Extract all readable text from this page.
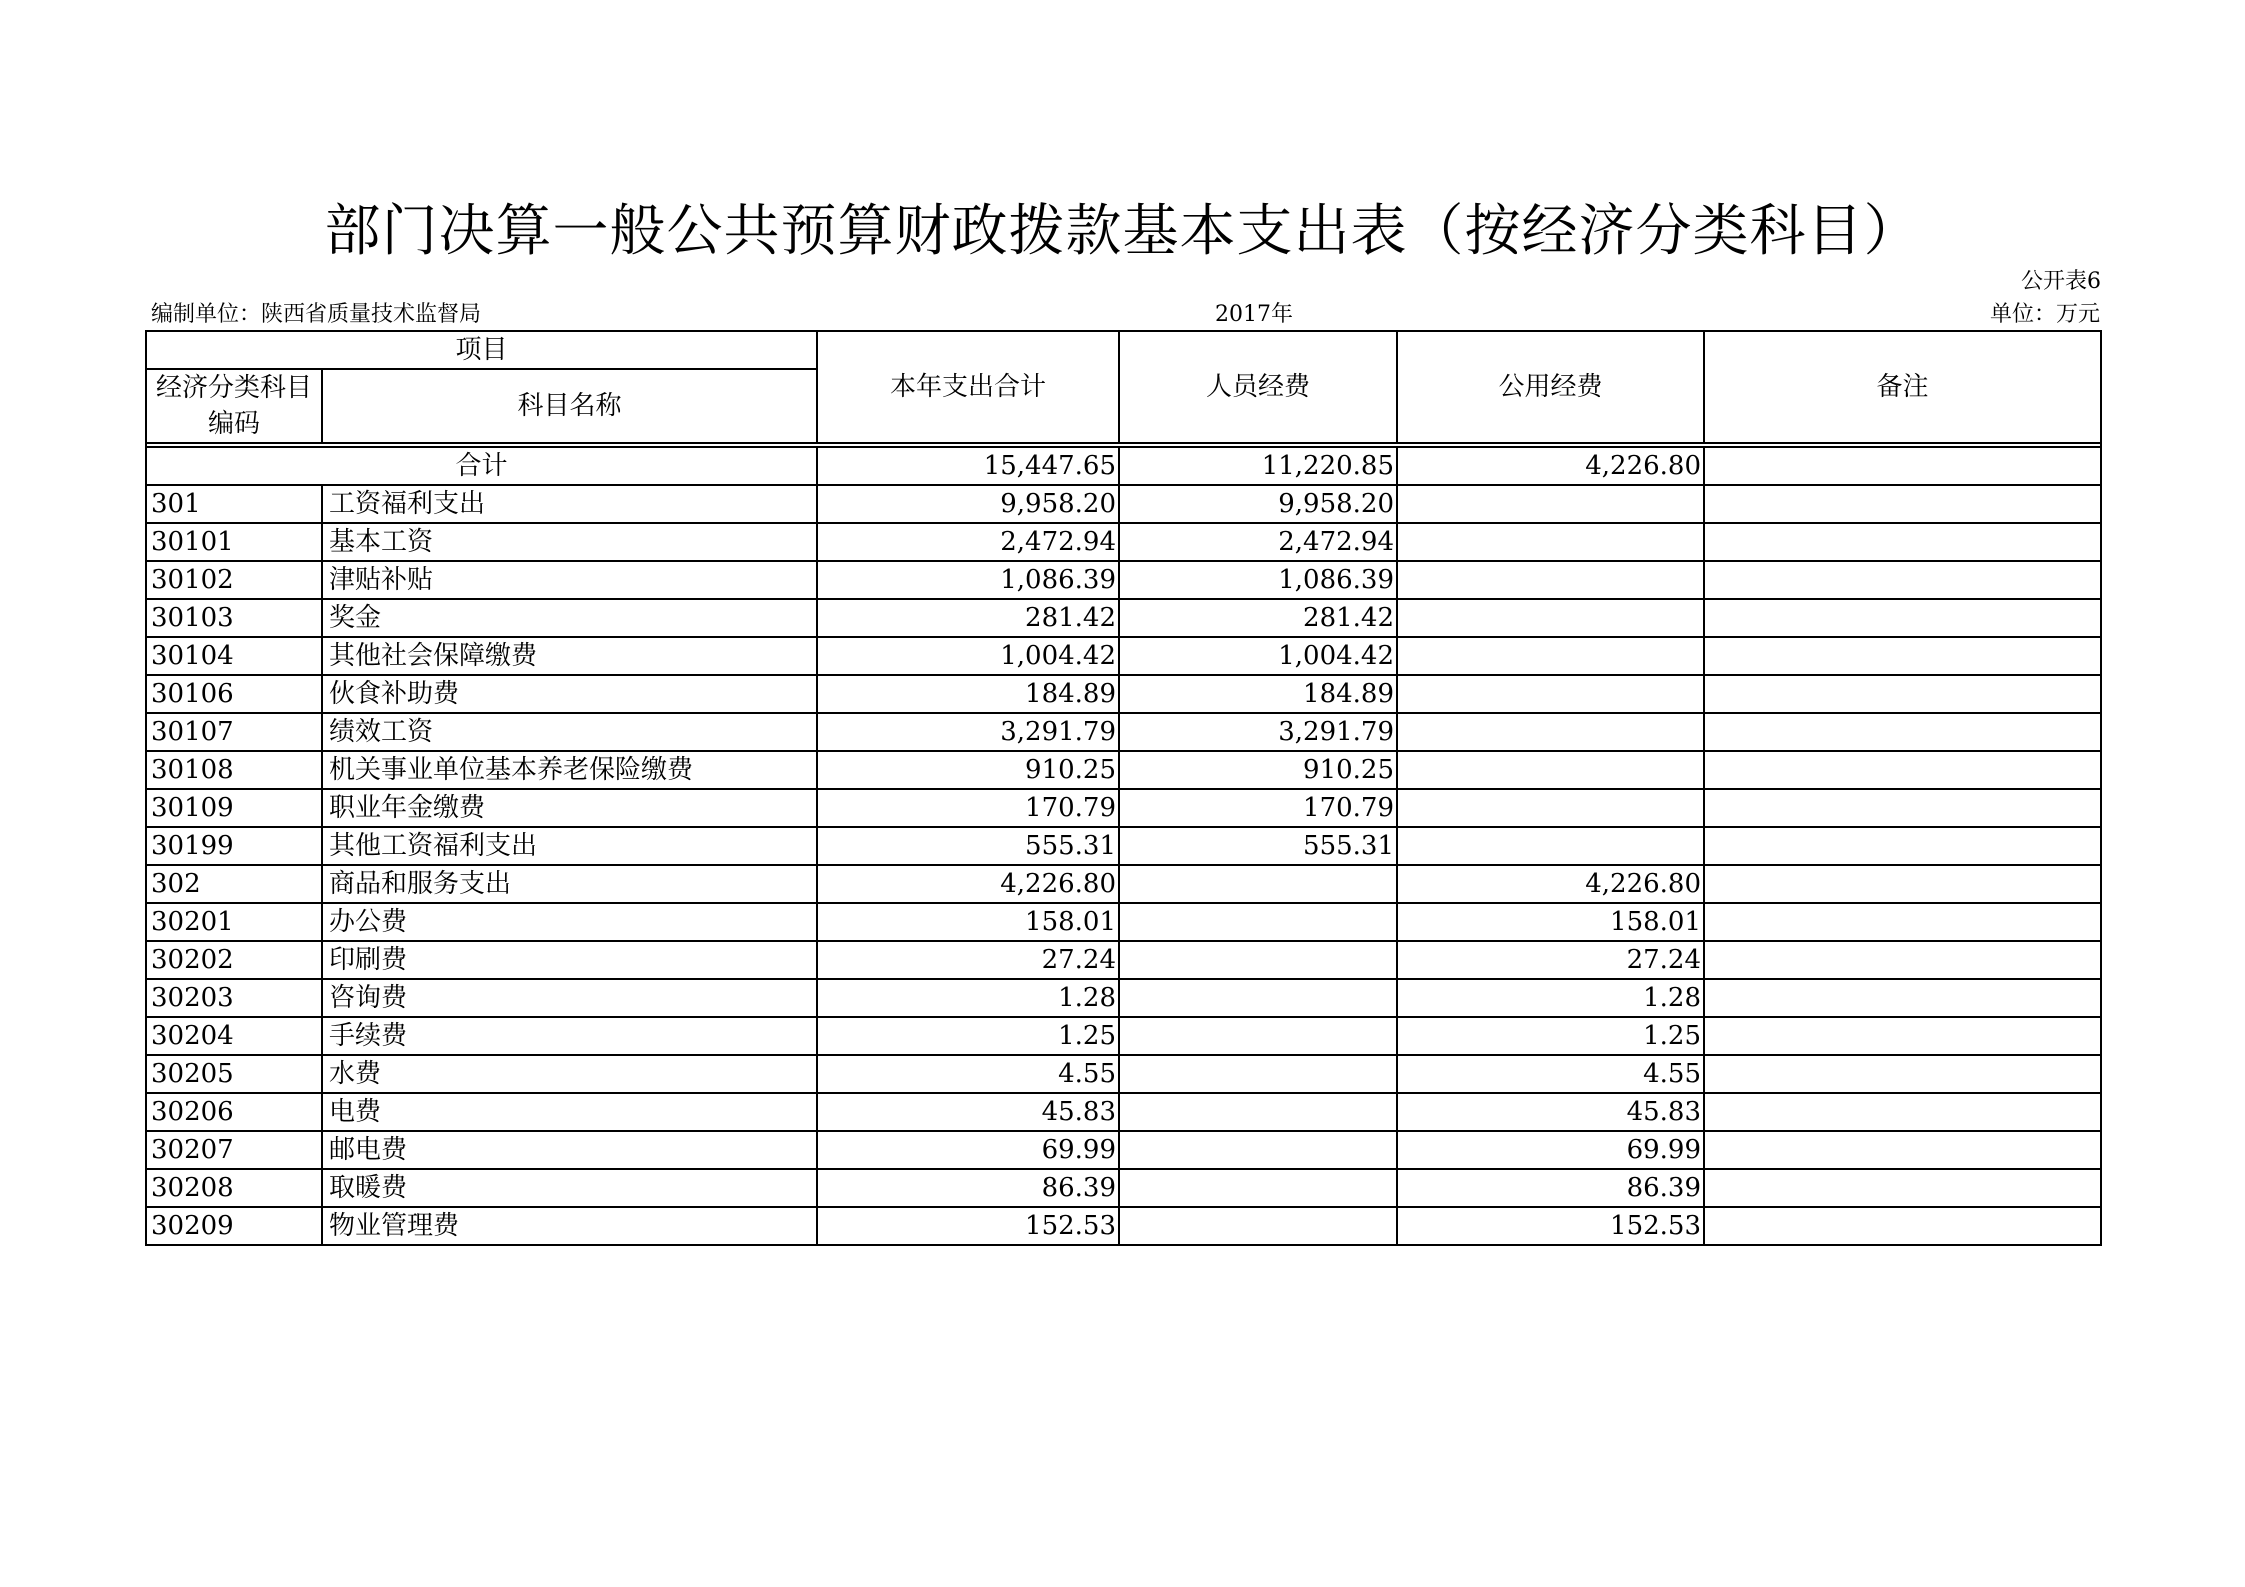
部门决算一般公共预算财政拨款基本支出表（按经济分类科目）
公开表6
编制单位：陕西省质量技术监督局	2017年	单位：万元
项目		本年支出合计	人员经费	公用经费	备注
经济分类科目编码	科目名称				

合计		15,447.65	11,220.85	4,226.80	
301	工资福利支出	9,958.20	9,958.20		
30101	基本工资	2,472.94	2,472.94		
30102	津贴补贴	1,086.39	1,086.39		
30103	奖金	281.42	281.42		
30104	其他社会保障缴费	1,004.42	1,004.42		
30106	伙食补助费	184.89	184.89		
30107	绩效工资	3,291.79	3,291.79		
30108	机关事业单位基本养老保险缴费	910.25	910.25		
30109	职业年金缴费	170.79	170.79		
30199	其他工资福利支出	555.31	555.31		
302	商品和服务支出	4,226.80		4,226.80	
30201	办公费	158.01		158.01	
30202	印刷费	27.24		27.24	
30203	咨询费	1.28		1.28	
30204	手续费	1.25		1.25	
30205	水费	4.55		4.55	
30206	电费	45.83		45.83	
30207	邮电费	69.99		69.99	
30208	取暖费	86.39		86.39	
30209	物业管理费	152.53		152.53	
